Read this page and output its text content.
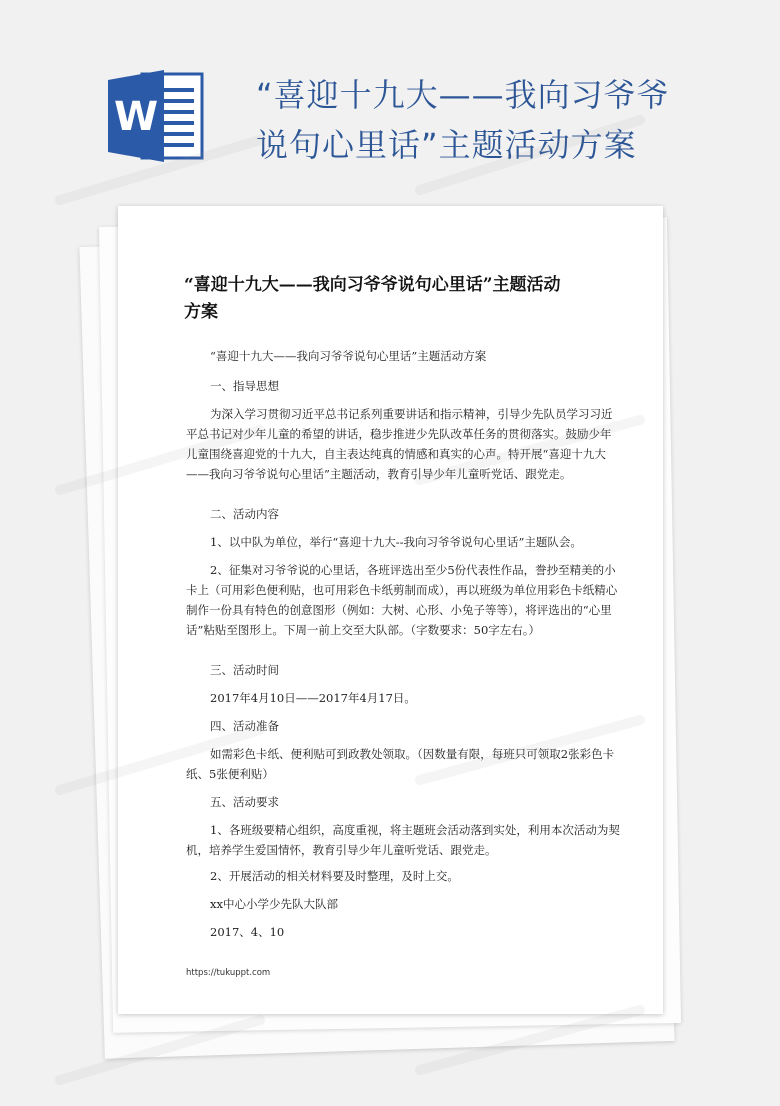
W	“喜迎十九大——我向习爷爷
说句心里话”主题活动方案
“喜迎十九大——我向习爷爷说句心里话”主题活动
方案
“喜迎十九大——我向习爷爷说句心里话”主题活动方案
一、指导思想
为深入学习贯彻习近平总书记系列重要讲话和指示精神，引导少先队员学习习近平总书记对少年儿童的希望的讲话，稳步推进少先队改革任务的贯彻落实。鼓励少年儿童围绕喜迎党的十九大，自主表达纯真的情感和真实的心声。特开展“喜迎十九大——我向习爷爷说句心里话”主题活动，教育引导少年儿童听党话、跟党走。
二、活动内容
1、以中队为单位，举行“喜迎十九大--我向习爷爷说句心里话”主题队会。
2、征集对习爷爷说的心里话，各班评选出至少5份代表性作品，誊抄至精美的小卡上（可用彩色便利贴，也可用彩色卡纸剪制而成），再以班级为单位用彩色卡纸精心制作一份具有特色的创意图形（例如：大树、心形、小兔子等等），将评选出的“心里话”粘贴至图形上。下周一前上交至大队部。（字数要求：50字左右。）
三、活动时间
2017年4月10日——2017年4月17日。
四、活动准备
如需彩色卡纸、便利贴可到政教处领取。（因数量有限，每班只可领取2张彩色卡纸、5张便利贴）
五、活动要求
1、各班级要精心组织，高度重视，将主题班会活动落到实处，利用本次活动为契机，培养学生爱国情怀，教育引导少年儿童听党话、跟党走。
2、开展活动的相关材料要及时整理，及时上交。
xx中心小学少先队大队部
2017、4、10
https://tukuppt.com
